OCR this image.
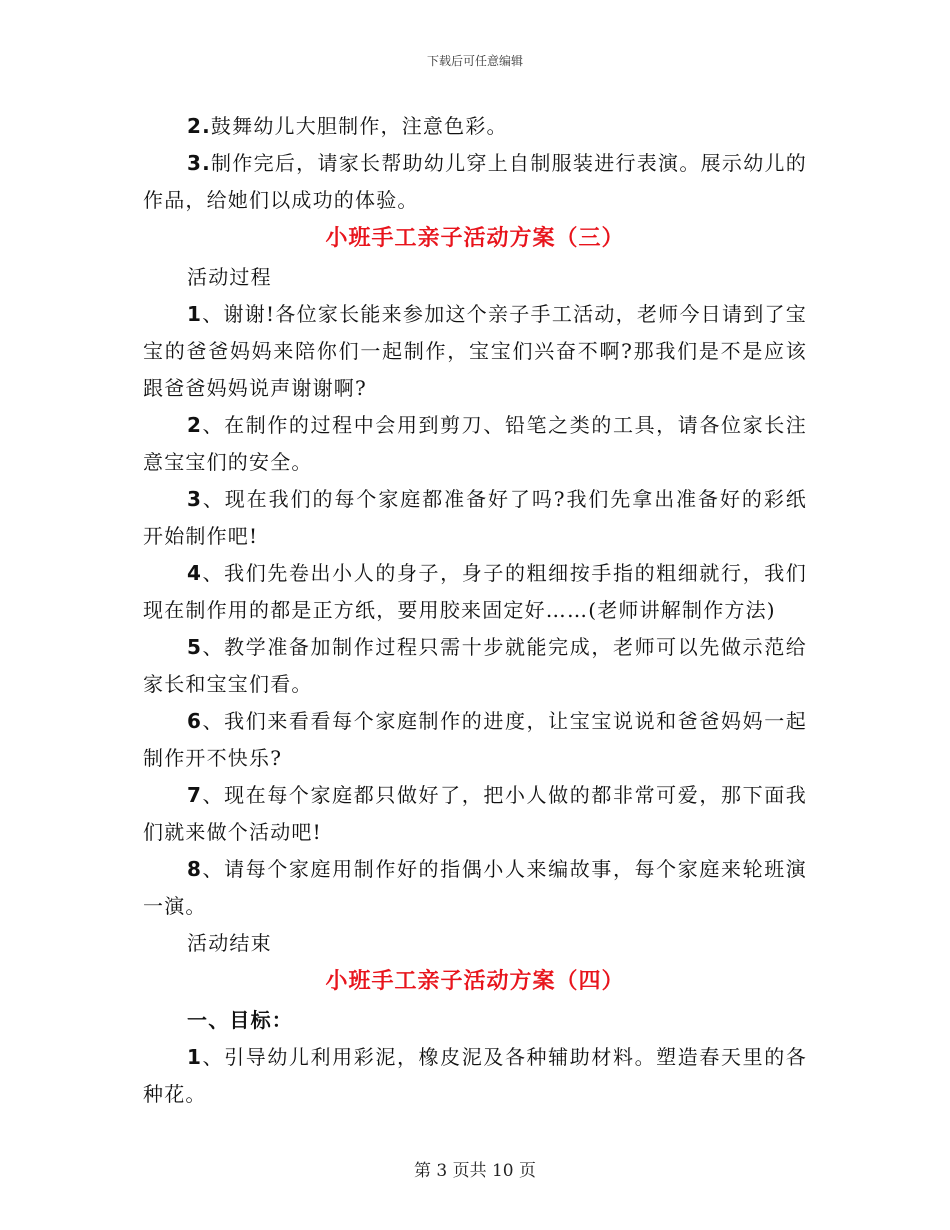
下载后可任意编辑

2.鼓舞幼儿大胆制作，注意色彩。

3.制作完后，请家长帮助幼儿穿上自制服装进行表演。展示幼儿的作品，给她们以成功的体验。

小班手工亲子活动方案（三）

活动过程

1、谢谢!各位家长能来参加这个亲子手工活动，老师今日请到了宝宝的爸爸妈妈来陪你们一起制作，宝宝们兴奋不啊?那我们是不是应该跟爸爸妈妈说声谢谢啊?

2、在制作的过程中会用到剪刀、铅笔之类的工具，请各位家长注意宝宝们的安全。

3、现在我们的每个家庭都准备好了吗?我们先拿出准备好的彩纸开始制作吧!

4、我们先卷出小人的身子，身子的粗细按手指的粗细就行，我们现在制作用的都是正方纸，要用胶来固定好……(老师讲解制作方法)

5、教学准备加制作过程只需十步就能完成，老师可以先做示范给家长和宝宝们看。

6、我们来看看每个家庭制作的进度，让宝宝说说和爸爸妈妈一起制作开不快乐?

7、现在每个家庭都只做好了，把小人做的都非常可爱，那下面我们就来做个活动吧!

8、请每个家庭用制作好的指偶小人来编故事，每个家庭来轮班演一演。

活动结束

小班手工亲子活动方案（四）

一、目标：

1、引导幼儿利用彩泥，橡皮泥及各种辅助材料。塑造春天里的各种花。

第 3 页共 10 页
